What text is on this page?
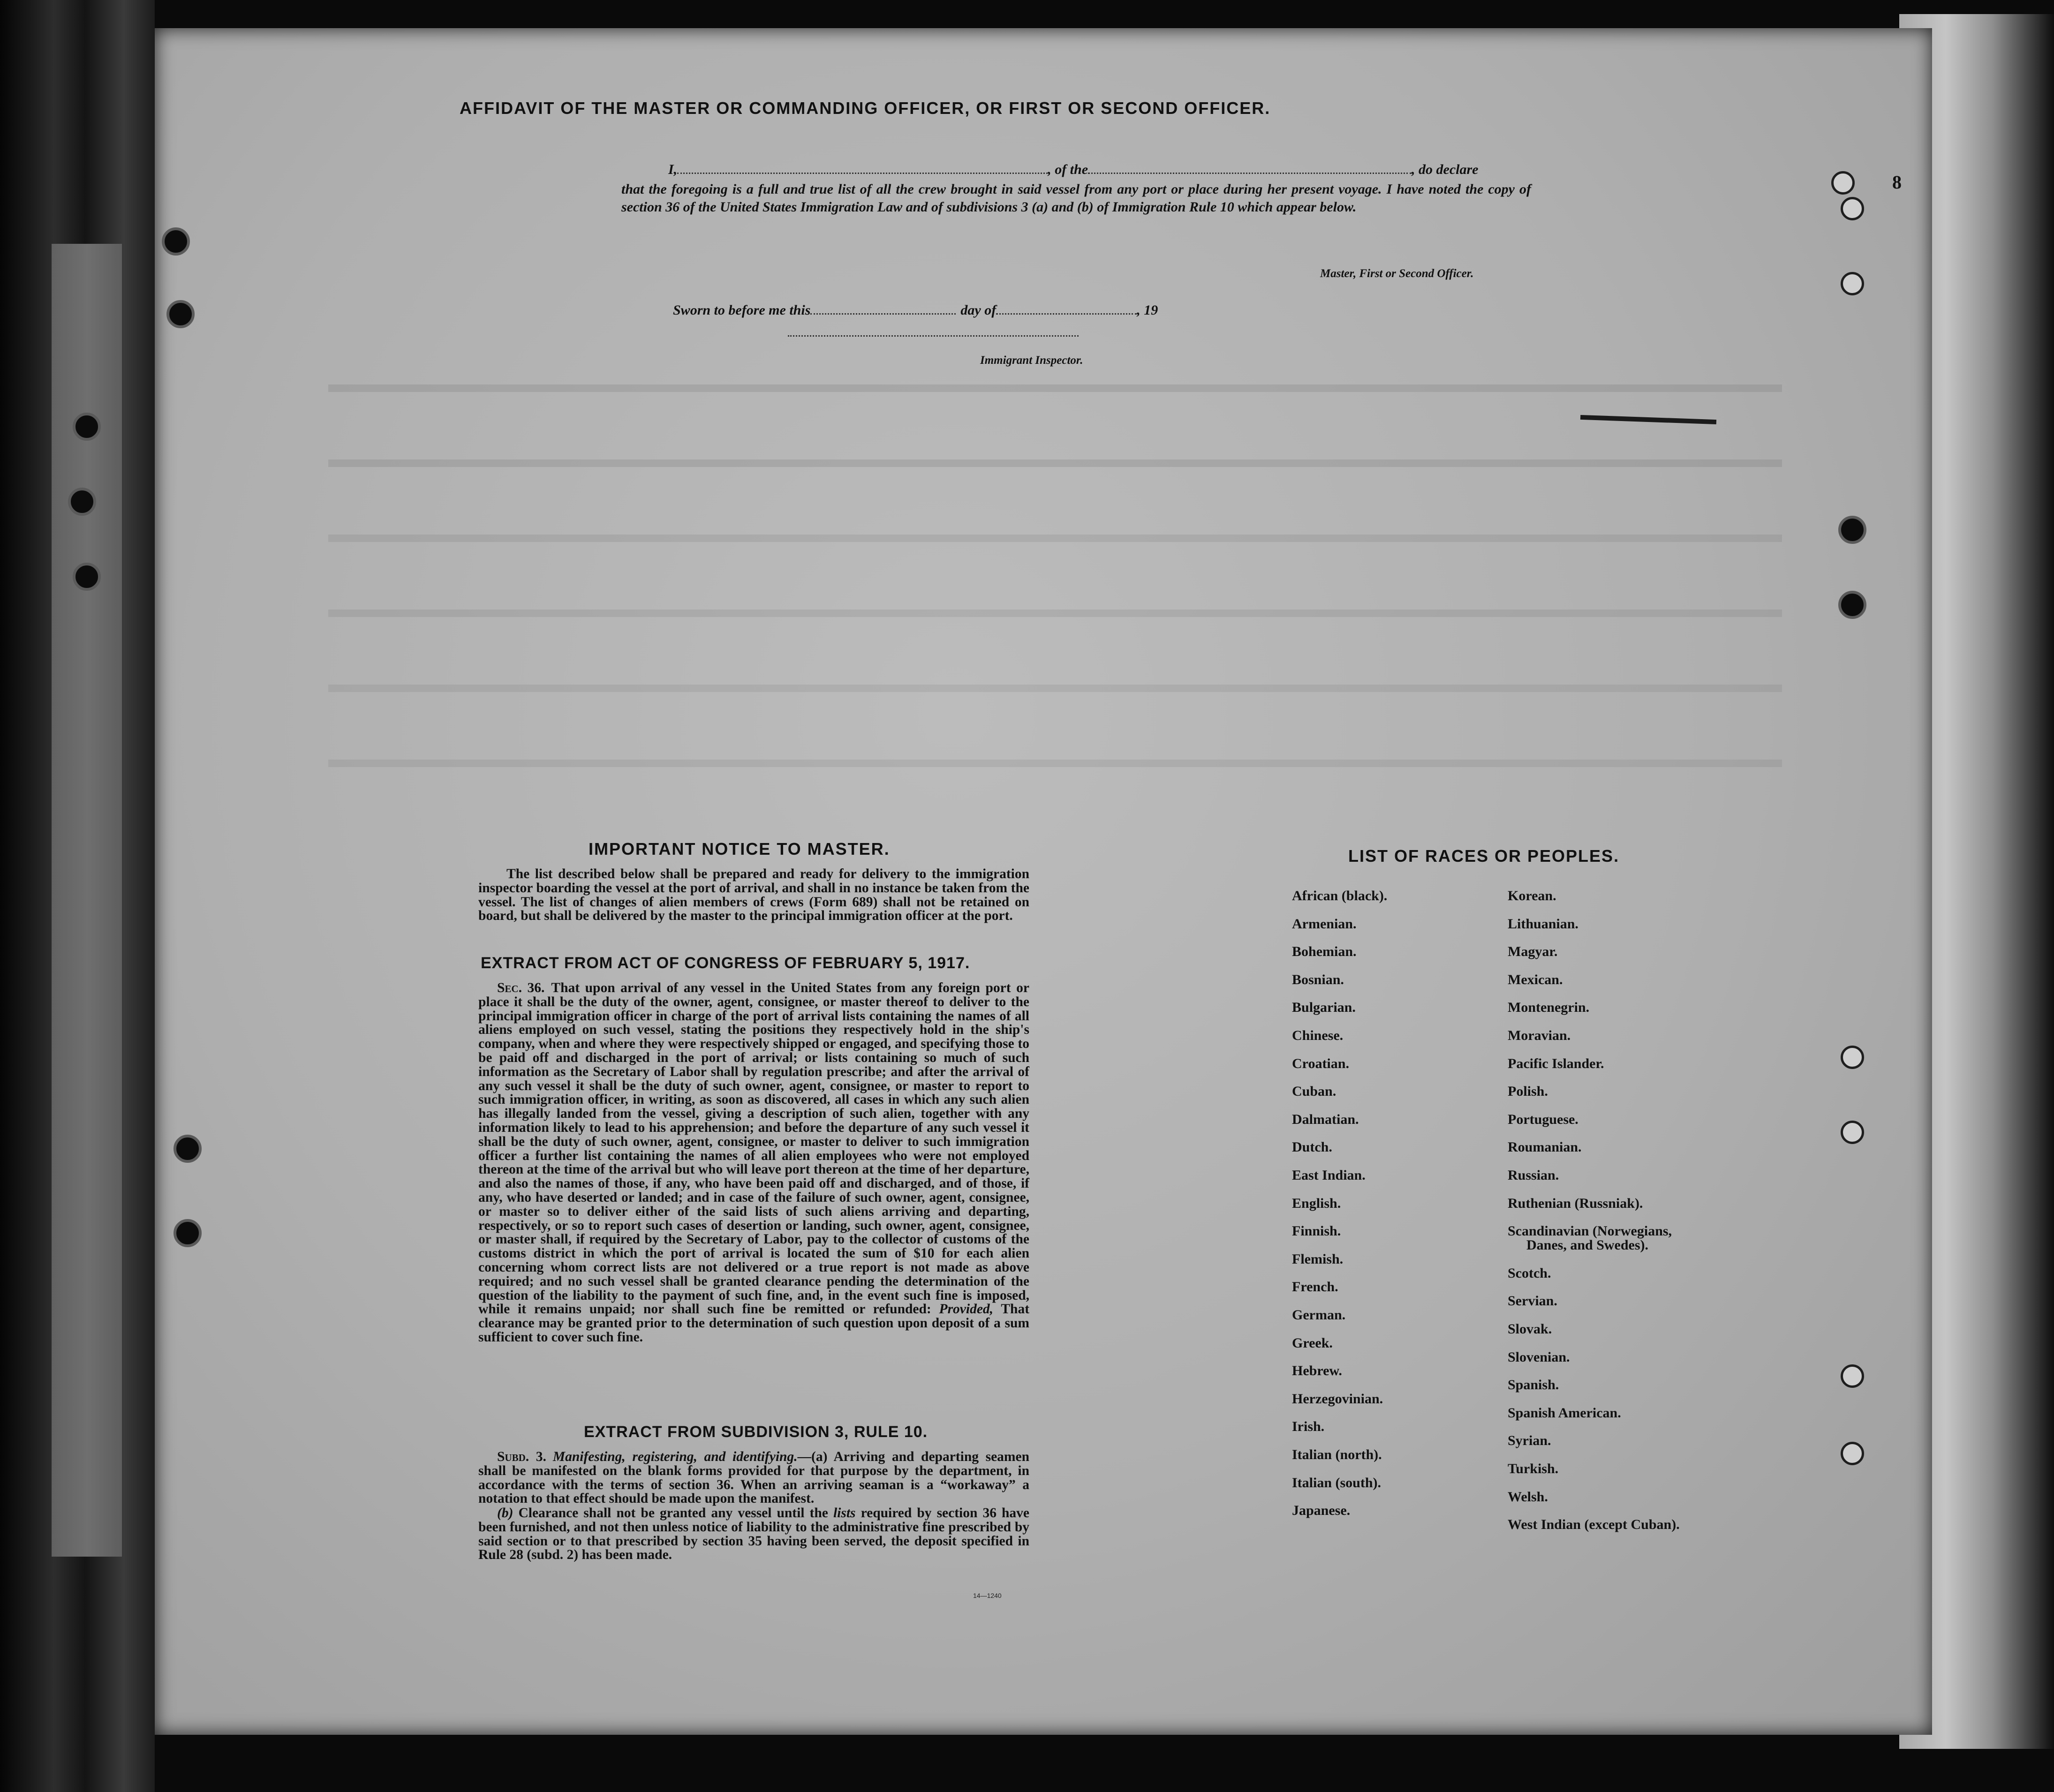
8
AFFIDAVIT OF THE MASTER OR COMMANDING OFFICER, OR FIRST OR SECOND OFFICER.
I,	, of the	, do declare
that the foregoing is a full and true list of all the crew brought in said vessel from any port or place during her present voyage. I have noted the copy of section 36 of the United States Immigration Law and of subdivisions 3 (a) and (b) of Immigration Rule 10 which appear below.
Master, First or Second Officer.
Sworn to before me this	day of	, 19
Immigrant Inspector.
IMPORTANT NOTICE TO MASTER.
The list described below shall be prepared and ready for delivery to the immigration inspector boarding the vessel at the port of arrival, and shall in no instance be taken from the vessel. The list of changes of alien members of crews (Form 689) shall not be retained on board, but shall be delivered by the master to the principal immigration officer at the port.
EXTRACT FROM ACT OF CONGRESS OF FEBRUARY 5, 1917.
Sec. 36. That upon arrival of any vessel in the United States from any foreign port or place it shall be the duty of the owner, agent, consignee, or master thereof to deliver to the principal immigration officer in charge of the port of arrival lists containing the names of all aliens employed on such vessel, stating the positions they respectively hold in the ship's company, when and where they were respectively shipped or engaged, and specifying those to be paid off and discharged in the port of arrival; or lists containing so much of such information as the Secretary of Labor shall by regulation prescribe; and after the arrival of any such vessel it shall be the duty of such owner, agent, consignee, or master to report to such immigration officer, in writing, as soon as discovered, all cases in which any such alien has illegally landed from the vessel, giving a description of such alien, together with any information likely to lead to his apprehension; and before the departure of any such vessel it shall be the duty of such owner, agent, consignee, or master to deliver to such immigration officer a further list containing the names of all alien employees who were not employed thereon at the time of the arrival but who will leave port thereon at the time of her departure, and also the names of those, if any, who have been paid off and discharged, and of those, if any, who have deserted or landed; and in case of the failure of such owner, agent, consignee, or master so to deliver either of the said lists of such aliens arriving and departing, respectively, or so to report such cases of desertion or landing, such owner, agent, consignee, or master shall, if required by the Secretary of Labor, pay to the collector of customs of the customs district in which the port of arrival is located the sum of $10 for each alien concerning whom correct lists are not delivered or a true report is not made as above required; and no such vessel shall be granted clearance pending the determination of the question of the liability to the payment of such fine, and, in the event such fine is imposed, while it remains unpaid; nor shall such fine be remitted or refunded: Provided, That clearance may be granted prior to the determination of such question upon deposit of a sum sufficient to cover such fine.
EXTRACT FROM SUBDIVISION 3, RULE 10.
Subd. 3. Manifesting, registering, and identifying.—(a) Arriving and departing seamen shall be manifested on the blank forms provided for that purpose by the department, in accordance with the terms of section 36. When an arriving seaman is a “workaway” a notation to that effect should be made upon the manifest.
(b) Clearance shall not be granted any vessel until the lists required by section 36 have been furnished, and not then unless notice of liability to the administrative fine prescribed by said section or to that prescribed by section 35 having been served, the deposit specified in Rule 28 (subd. 2) has been made.
14—1240
LIST OF RACES OR PEOPLES.
African (black).
Armenian.
Bohemian.
Bosnian.
Bulgarian.
Chinese.
Croatian.
Cuban.
Dalmatian.
Dutch.
East Indian.
English.
Finnish.
Flemish.
French.
German.
Greek.
Hebrew.
Herzegovinian.
Irish.
Italian (north).
Italian (south).
Japanese.
Korean.
Lithuanian.
Magyar.
Mexican.
Montenegrin.
Moravian.
Pacific Islander.
Polish.
Portuguese.
Roumanian.
Russian.
Ruthenian (Russniak).
Scandinavian (Norwegians,
Danes, and Swedes).
Scotch.
Servian.
Slovak.
Slovenian.
Spanish.
Spanish American.
Syrian.
Turkish.
Welsh.
West Indian (except Cuban).
